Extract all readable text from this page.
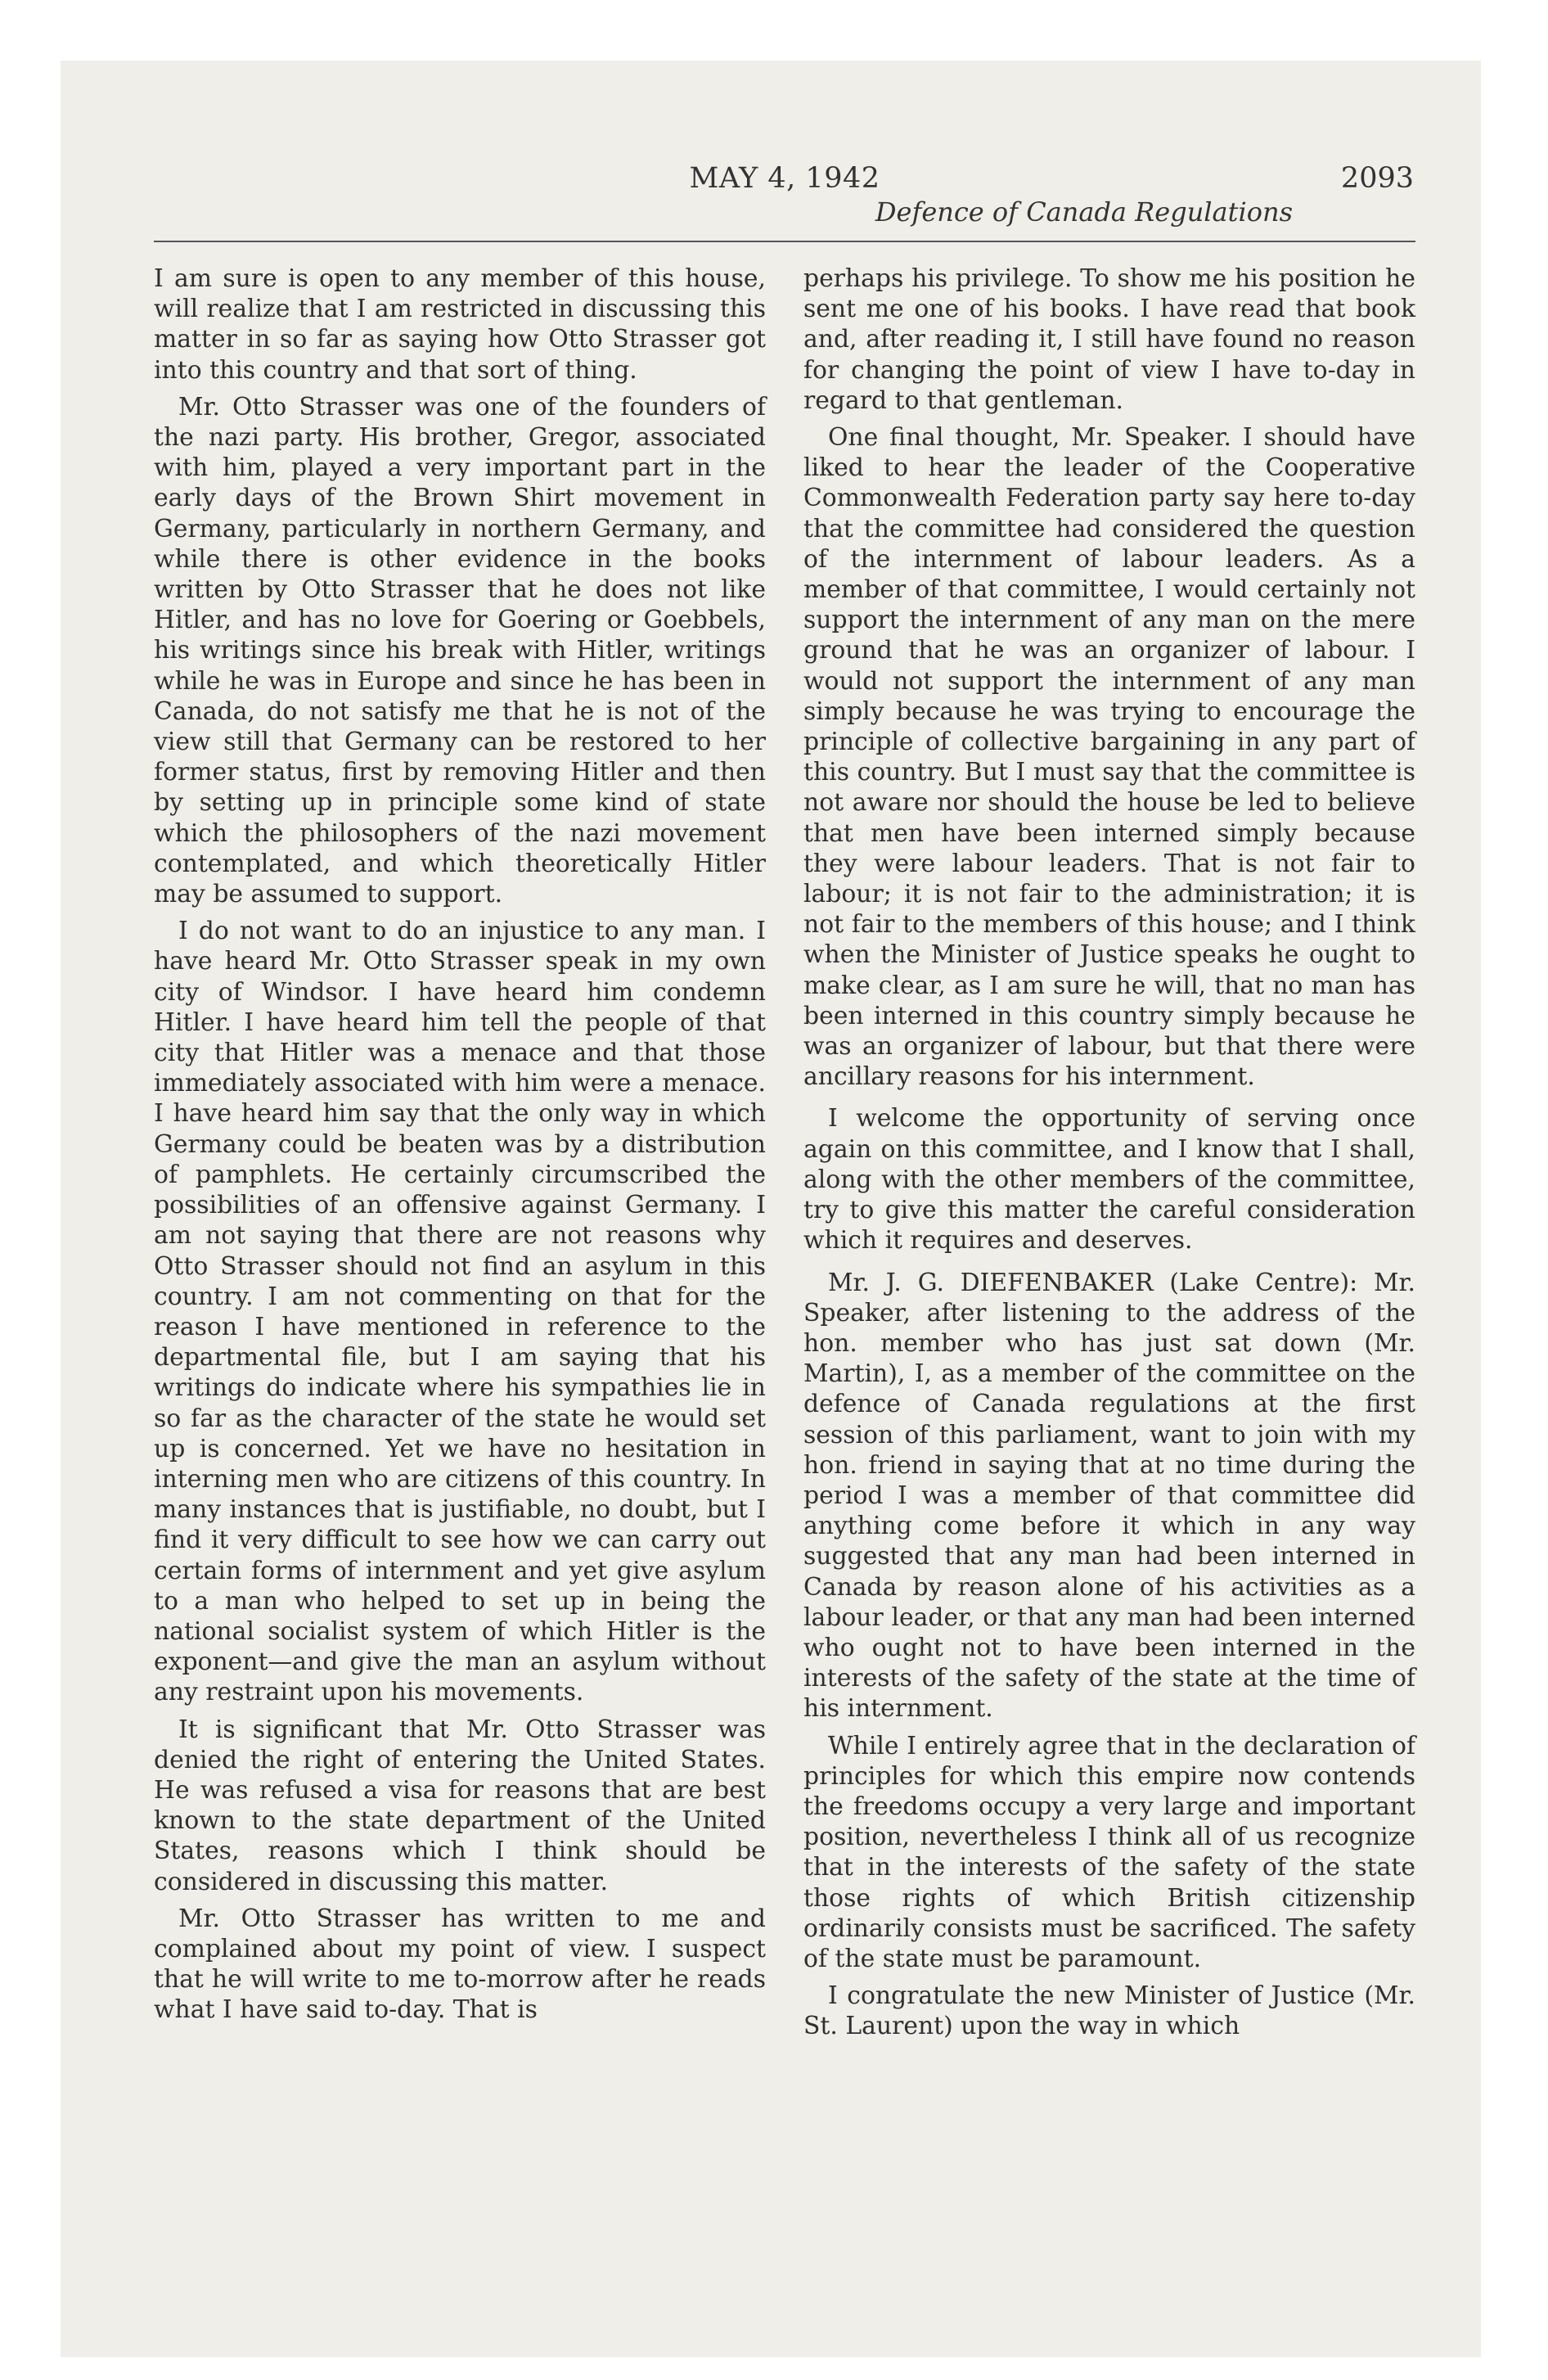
MAY 4, 1942	2093
Defence of Canada Regulations

I am sure is open to any member of this house, will realize that I am restricted in discussing this matter in so far as saying how Otto Strasser got into this country and that sort of thing.

Mr. Otto Strasser was one of the founders of the nazi party. His brother, Gregor, associated with him, played a very important part in the early days of the Brown Shirt movement in Germany, particularly in northern Germany, and while there is other evidence in the books written by Otto Strasser that he does not like Hitler, and has no love for Goering or Goebbels, his writings since his break with Hitler, writings while he was in Europe and since he has been in Canada, do not satisfy me that he is not of the view still that Germany can be restored to her former status, first by removing Hitler and then by setting up in principle some kind of state which the philosophers of the nazi movement contemplated, and which theoretically Hitler may be assumed to support.

I do not want to do an injustice to any man. I have heard Mr. Otto Strasser speak in my own city of Windsor. I have heard him condemn Hitler. I have heard him tell the people of that city that Hitler was a menace and that those immediately associated with him were a menace. I have heard him say that the only way in which Germany could be beaten was by a distribution of pamphlets. He certainly circumscribed the possibilities of an offensive against Germany. I am not saying that there are not reasons why Otto Strasser should not find an asylum in this country. I am not commenting on that for the reason I have mentioned in reference to the departmental file, but I am saying that his writings do indicate where his sympathies lie in so far as the character of the state he would set up is concerned. Yet we have no hesitation in interning men who are citizens of this country. In many instances that is justifiable, no doubt, but I find it very difficult to see how we can carry out certain forms of internment and yet give asylum to a man who helped to set up in being the national socialist system of which Hitler is the exponent—and give the man an asylum without any restraint upon his movements.

It is significant that Mr. Otto Strasser was denied the right of entering the United States. He was refused a visa for reasons that are best known to the state department of the United States, reasons which I think should be considered in discussing this matter.

Mr. Otto Strasser has written to me and complained about my point of view. I suspect that he will write to me to-morrow after he reads what I have said to-day. That is

perhaps his privilege. To show me his position he sent me one of his books. I have read that book and, after reading it, I still have found no reason for changing the point of view I have to-day in regard to that gentleman.

One final thought, Mr. Speaker. I should have liked to hear the leader of the Cooperative Commonwealth Federation party say here to-day that the committee had considered the question of the internment of labour leaders. As a member of that committee, I would certainly not support the internment of any man on the mere ground that he was an organizer of labour. I would not support the internment of any man simply because he was trying to encourage the principle of collective bargaining in any part of this country. But I must say that the committee is not aware nor should the house be led to believe that men have been interned simply because they were labour leaders. That is not fair to labour; it is not fair to the administration; it is not fair to the members of this house; and I think when the Minister of Justice speaks he ought to make clear, as I am sure he will, that no man has been interned in this country simply because he was an organizer of labour, but that there were ancillary reasons for his internment.

I welcome the opportunity of serving once again on this committee, and I know that I shall, along with the other members of the committee, try to give this matter the careful consideration which it requires and deserves.

Mr. J. G. DIEFENBAKER (Lake Centre): Mr. Speaker, after listening to the address of the hon. member who has just sat down (Mr. Martin), I, as a member of the committee on the defence of Canada regulations at the first session of this parliament, want to join with my hon. friend in saying that at no time during the period I was a member of that committee did anything come before it which in any way suggested that any man had been interned in Canada by reason alone of his activities as a labour leader, or that any man had been interned who ought not to have been interned in the interests of the safety of the state at the time of his internment.

While I entirely agree that in the declaration of principles for which this empire now contends the freedoms occupy a very large and important position, nevertheless I think all of us recognize that in the interests of the safety of the state those rights of which British citizenship ordinarily consists must be sacrificed. The safety of the state must be paramount.

I congratulate the new Minister of Justice (Mr. St. Laurent) upon the way in which
